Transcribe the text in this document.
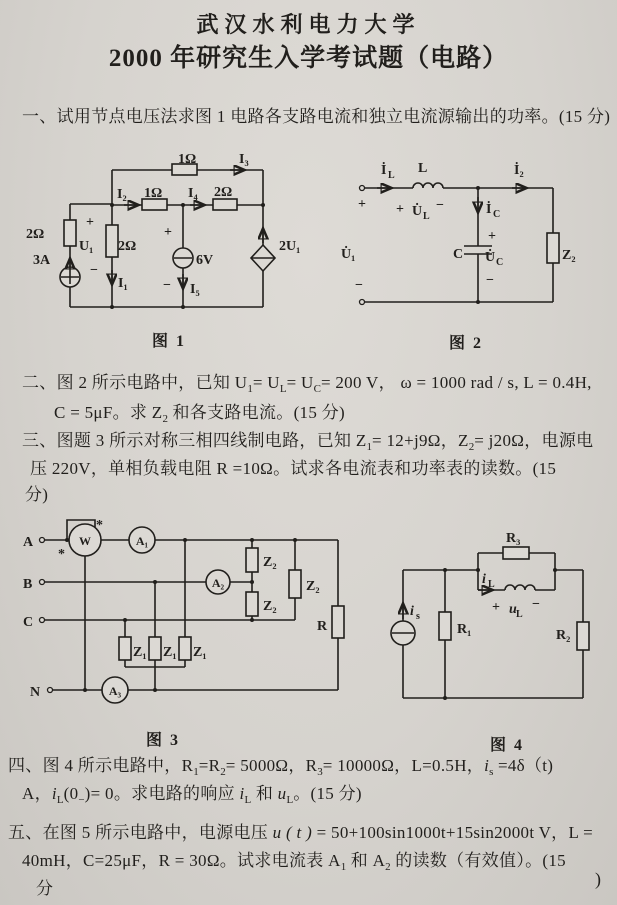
武汉水利电力大学
2000 年研究生入学考试题（电路）
一、试用节点电压法求图 1 电路各支路电流和独立电流源输出的功率。(15 分)
2Ω
3A
+
U₁
−
2Ω
I₁
I₂ 1Ω I₄ 2Ω
1Ω	I₃
+
6V
− I₅
2U₁
图 1
İ L L
+
U̇₁
−
+ U̇ L
−	İ C
+
C U̇ C
−
İ₂
Z₂
图 2
二、图 2 所示电路中，已知 $U_1= U_L= U_C= 200$ V， ω = 1000 rad / s, L = 0.4H,
C = 5μF。求 $Z_2$ 和各支路电流。(15 分)
三、图题 3 所示对称三相四线制电路，已知 $Z_1= 12+j9\Omega$，$Z_2= j20\Omega$，电源电
压 220V，单相负载电阻 R =10Ω。试求各电流表和功率表的读数。(15
分)
A
B
C
N
W
*
*
A₁
A₂
A₃
Z₂
Z₂
Z₂
R
Z₁ Z₁ Z₁
图 3
i s
R₁
R₃
i L
+ u L
−
R₂
图 4
四、图 4 所示电路中，$R_1=R_2= 5000\Omega$，$R_3= 10000\Omega$，L=0.5H，$i_s =4\delta(t)$
A，$i_L(0_-)= 0$。求电路的响应 $i_L$ 和 $u_L$。(15 分)
五、在图 5 所示电路中，电源电压 u ( t ) = 50+100sin1000t+15sin2000t V，L =
40mH，C=25μF，R = 30Ω。试求电流表 $A_1$ 和 $A_2$ 的读数（有效值）。(15
分	)
